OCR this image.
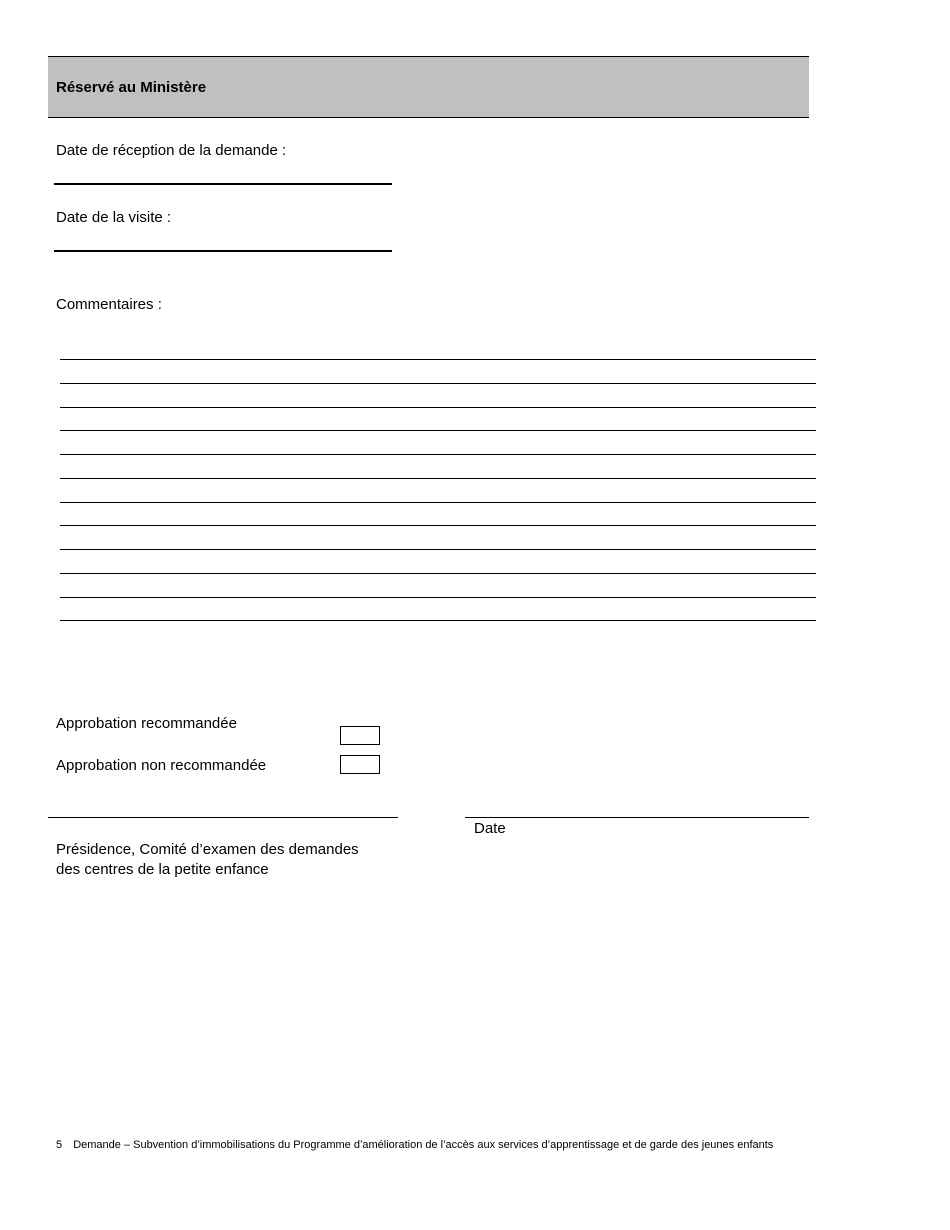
Réservé au Ministère
Date de réception de la demande :
Date de la visite :
Commentaires :
Approbation recommandée
Approbation non recommandée
Date
Présidence, Comité d’examen des demandes
des centres de la petite enfance
5 Demande – Subvention d’immobilisations du Programme d’amélioration de l’accès aux services d’apprentissage et de garde des jeunes enfants
